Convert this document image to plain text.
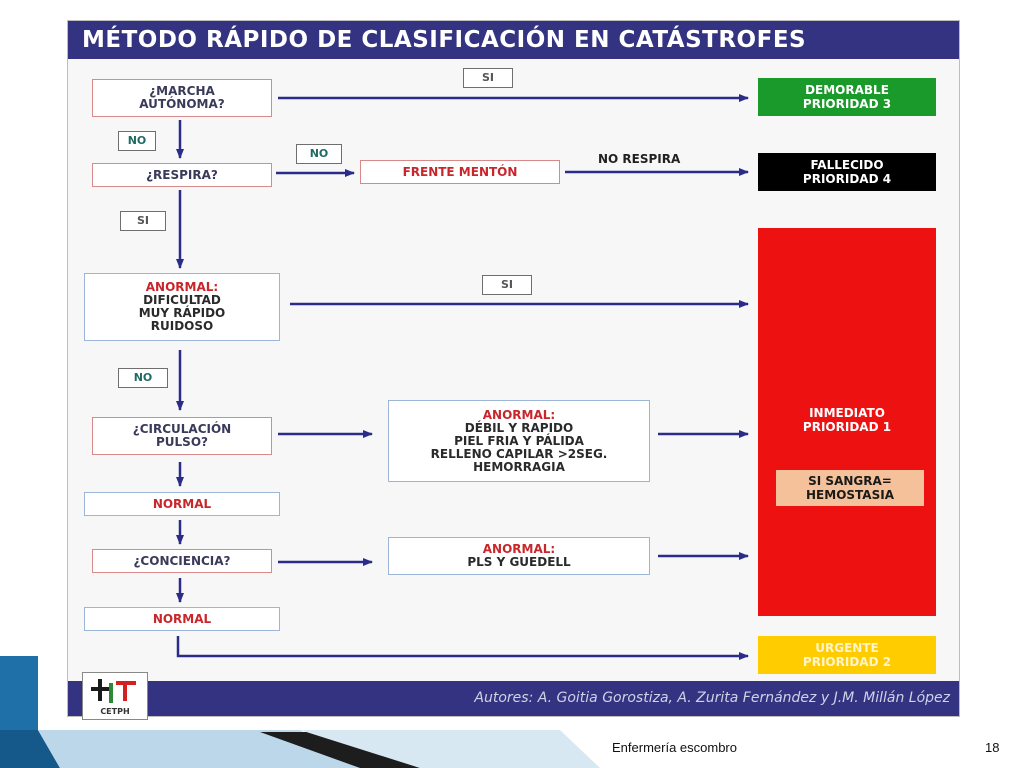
MÉTODO RÁPIDO DE CLASIFICACIÓN EN CATÁSTROFES
¿MARCHA
AUTÓNOMA?
¿RESPIRA?
ANORMAL:
DIFICULTAD
MUY RÁPIDO
RUIDOSO
¿CIRCULACIÓN
PULSO?
NORMAL
¿CONCIENCIA?
NORMAL
FRENTE MENTÓN
NO RESPIRA
ANORMAL:
DÉBIL Y RAPIDO
PIEL FRIA Y PÁLIDA
RELLENO CAPILAR >2SEG.
HEMORRAGIA
ANORMAL:
PLS Y GUEDELL
SI
NO
NO
SI
SI
NO
DEMORABLE
PRIORIDAD 3
FALLECIDO
PRIORIDAD 4
INMEDIATO
PRIORIDAD 1
SI SANGRA=
HEMOSTASIA
URGENTE
PRIORIDAD 2
Autores: A. Goitia Gorostiza, A. Zurita Fernández y J.M. Millán López
CETPH
Enfermería escombro	18
